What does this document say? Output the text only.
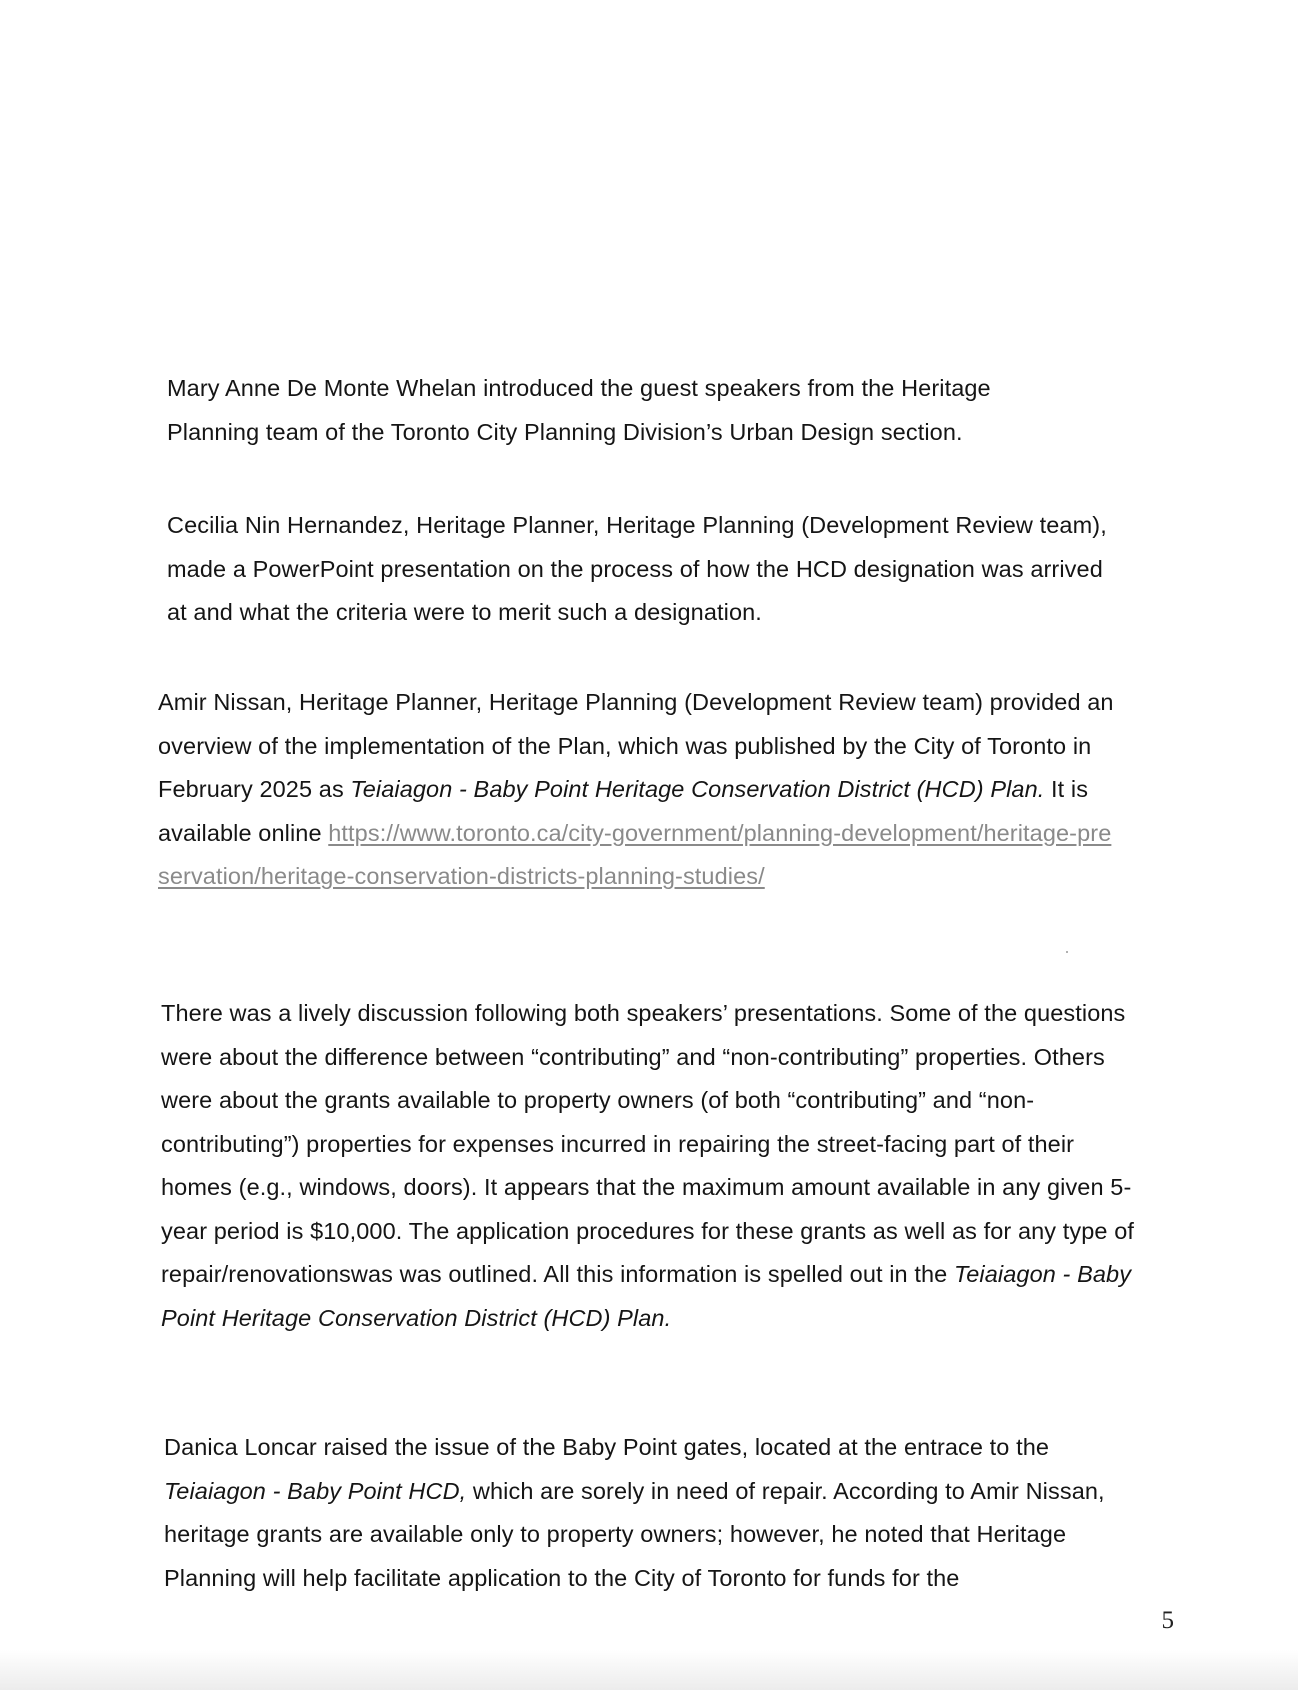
Mary Anne De Monte Whelan introduced the guest speakers from the Heritage Planning team of the Toronto City Planning Division’s Urban Design section.

Cecilia Nin Hernandez, Heritage Planner, Heritage Planning (Development Review team), made a PowerPoint presentation on the process of how the HCD designation was arrived at and what the criteria were to merit such a designation.

Amir Nissan, Heritage Planner, Heritage Planning (Development Review team) provided an overview of the implementation of the Plan, which was published by the City of Toronto in February 2025 as Teiaiagon - Baby Point Heritage Conservation District (HCD) Plan. It is available online https://www.toronto.ca/city-government/planning-development/heritage-preservation/heritage-conservation-districts-planning-studies/

There was a lively discussion following both speakers’ presentations. Some of the questions were about the difference between “contributing” and “non-contributing” properties. Others were about the grants available to property owners (of both “contributing” and “non-contributing”) properties for expenses incurred in repairing the street-facing part of their homes (e.g., windows, doors). It appears that the maximum amount available in any given 5-year period is $10,000. The application procedures for these grants as well as for any type of repair/renovationswas was outlined. All this information is spelled out in the Teiaiagon - Baby Point Heritage Conservation District (HCD) Plan.

Danica Loncar raised the issue of the Baby Point gates, located at the entrace to the Teiaiagon - Baby Point HCD, which are sorely in need of repair. According to Amir Nissan, heritage grants are available only to property owners; however, he noted that Heritage Planning will help facilitate application to the City of Toronto for funds for the

5
